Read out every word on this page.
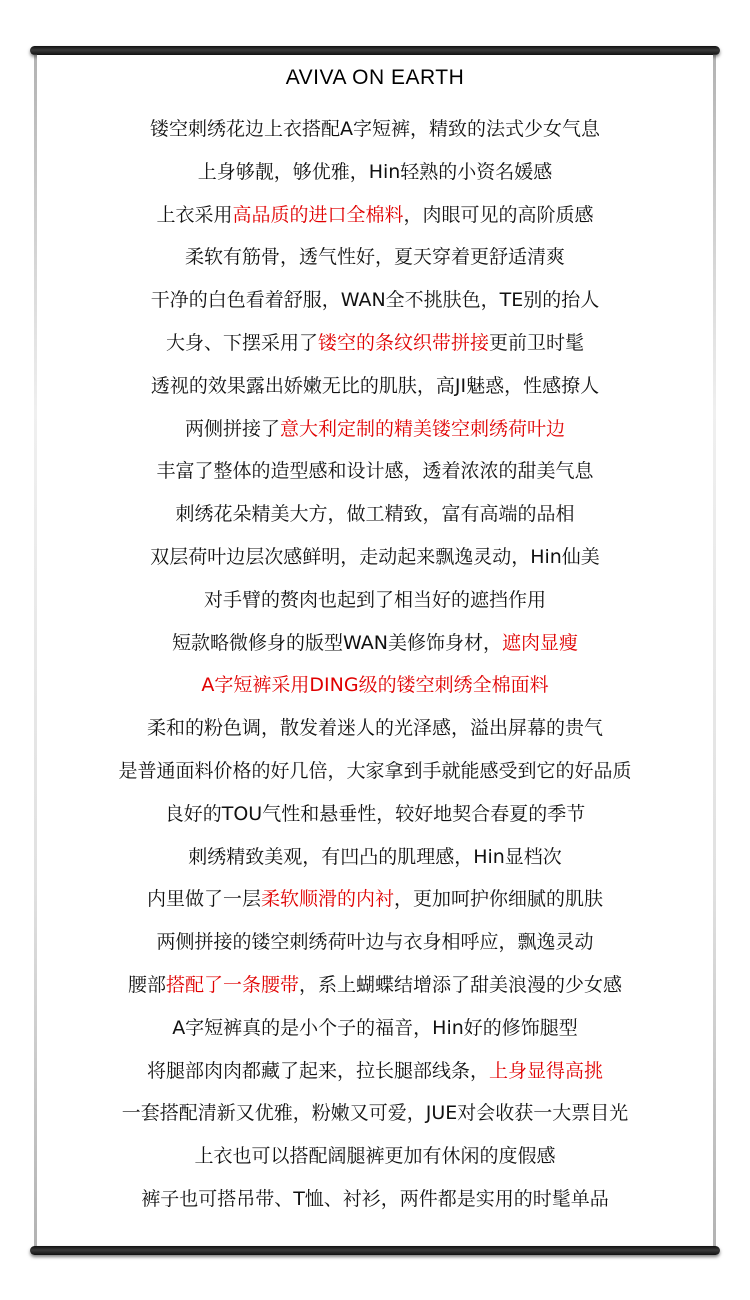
AVIVA ON EARTH
镂空刺绣花边上衣搭配A字短裤，精致的法式少女气息
上身够靓，够优雅，Hin轻熟的小资名媛感
上衣采用高品质的进口全棉料，肉眼可见的高阶质感
柔软有筋骨，透气性好，夏天穿着更舒适清爽
干净的白色看着舒服，WAN全不挑肤色，TE别的抬人
大身、下摆采用了镂空的条纹织带拼接更前卫时髦
透视的效果露出娇嫩无比的肌肤，高JI魅惑，性感撩人
两侧拼接了意大利定制的精美镂空刺绣荷叶边
丰富了整体的造型感和设计感，透着浓浓的甜美气息
刺绣花朵精美大方，做工精致，富有高端的品相
双层荷叶边层次感鲜明，走动起来飘逸灵动，Hin仙美
对手臂的赘肉也起到了相当好的遮挡作用
短款略微修身的版型WAN美修饰身材，遮肉显瘦
A字短裤采用DING级的镂空刺绣全棉面料
柔和的粉色调，散发着迷人的光泽感，溢出屏幕的贵气
是普通面料价格的好几倍，大家拿到手就能感受到它的好品质
良好的TOU气性和悬垂性，较好地契合春夏的季节
刺绣精致美观，有凹凸的肌理感，Hin显档次
内里做了一层柔软顺滑的内衬，更加呵护你细腻的肌肤
两侧拼接的镂空刺绣荷叶边与衣身相呼应，飘逸灵动
腰部搭配了一条腰带，系上蝴蝶结增添了甜美浪漫的少女感
A字短裤真的是小个子的福音，Hin好的修饰腿型
将腿部肉肉都藏了起来，拉长腿部线条，上身显得高挑
一套搭配清新又优雅，粉嫩又可爱，JUE对会收获一大票目光
上衣也可以搭配阔腿裤更加有休闲的度假感
裤子也可搭吊带、T恤、衬衫，两件都是实用的时髦单品
